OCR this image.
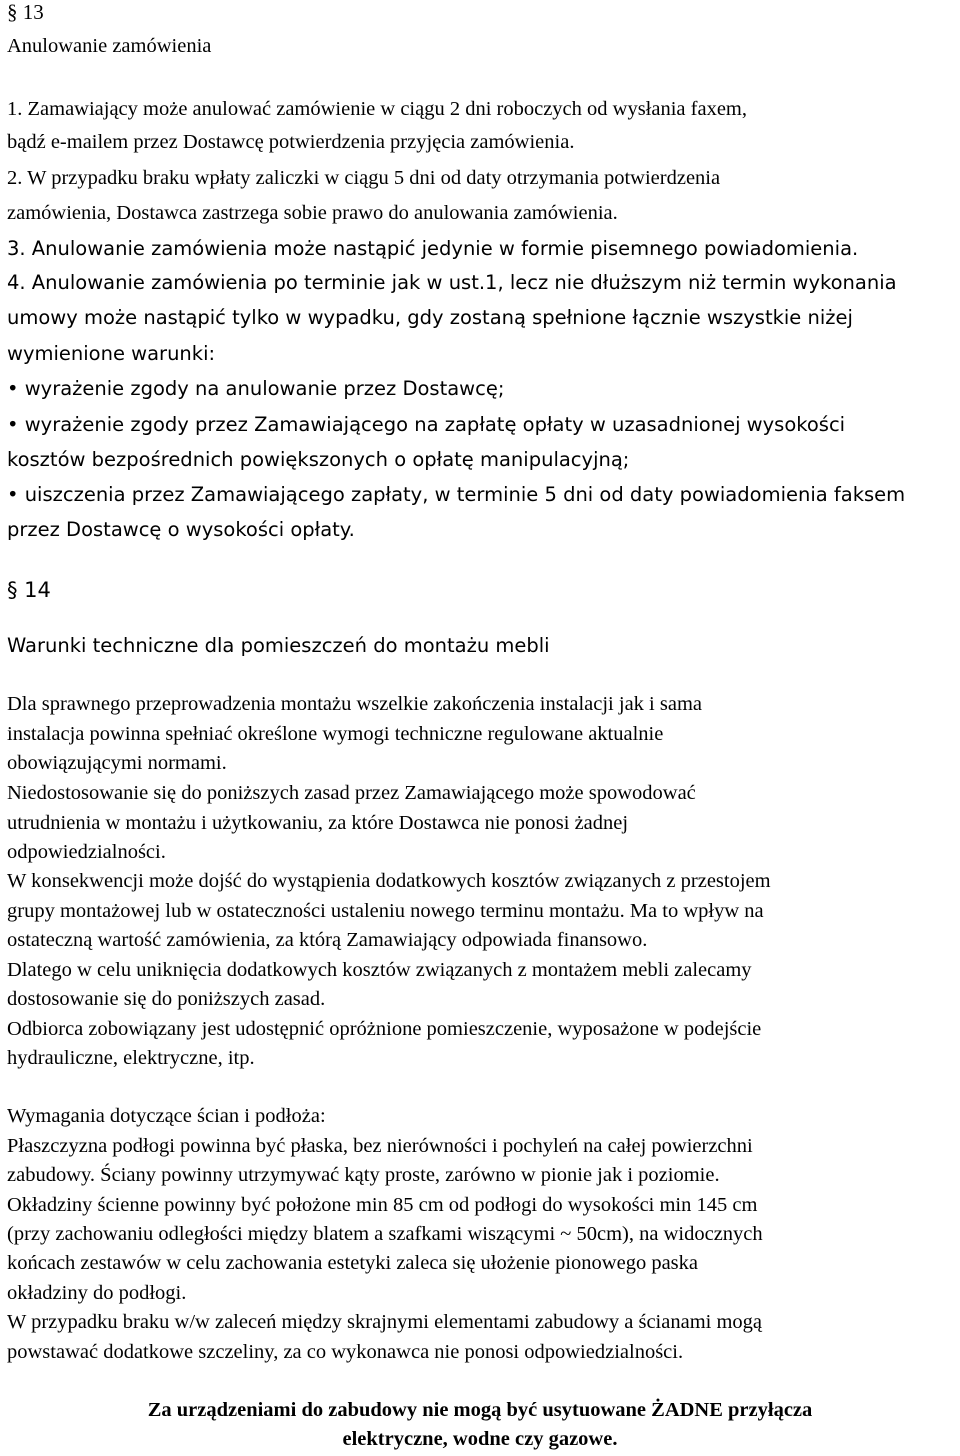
§ 13

Anulowanie zamówienia

1. Zamawiający może anulować zamówienie w ciągu 2 dni roboczych od wysłania faxem,

bądź e-mailem przez Dostawcę potwierdzenia przyjęcia zamówienia.

2. W przypadku braku wpłaty zaliczki w ciągu 5 dni od daty otrzymania potwierdzenia

zamówienia, Dostawca zastrzega sobie prawo do anulowania zamówienia.

3. Anulowanie zamówienia może nastąpić jedynie w formie pisemnego powiadomienia.

4. Anulowanie zamówienia po terminie jak w ust.1, lecz nie dłuższym niż termin wykonania

umowy może nastąpić tylko w wypadku, gdy zostaną spełnione łącznie wszystkie niżej

wymienione warunki:

• wyrażenie zgody na anulowanie przez Dostawcę;

• wyrażenie zgody przez Zamawiającego na zapłatę opłaty w uzasadnionej wysokości

kosztów bezpośrednich powiększonych o opłatę manipulacyjną;

• uiszczenia przez Zamawiającego zapłaty, w terminie 5 dni od daty powiadomienia faksem

przez Dostawcę o wysokości opłaty.

§ 14

Warunki techniczne dla pomieszczeń do montażu mebli

Dla sprawnego przeprowadzenia montażu wszelkie zakończenia instalacji jak i sama

instalacja powinna spełniać określone wymogi techniczne regulowane aktualnie

obowiązującymi normami.

Niedostosowanie się do poniższych zasad przez Zamawiającego może spowodować

utrudnienia w montażu i użytkowaniu, za które Dostawca nie ponosi żadnej

odpowiedzialności.

W konsekwencji może dojść do wystąpienia dodatkowych kosztów związanych z przestojem

grupy montażowej lub w ostateczności ustaleniu nowego terminu montażu. Ma to wpływ na

ostateczną wartość zamówienia, za którą Zamawiający odpowiada finansowo.

Dlatego w celu uniknięcia dodatkowych kosztów związanych z montażem mebli zalecamy

dostosowanie się do poniższych zasad.

Odbiorca zobowiązany jest udostępnić opróżnione pomieszczenie, wyposażone w podejście

hydrauliczne, elektryczne, itp.

Wymagania dotyczące ścian i podłoża:

Płaszczyzna podłogi powinna być płaska, bez nierówności i pochyleń na całej powierzchni

zabudowy. Ściany powinny utrzymywać kąty proste, zarówno w pionie jak i poziomie.

Okładziny ścienne powinny być położone min 85 cm od podłogi do wysokości min 145 cm

(przy zachowaniu odległości między blatem a szafkami wiszącymi ~ 50cm), na widocznych

końcach zestawów w celu zachowania estetyki zaleca się ułożenie pionowego paska

okładziny do podłogi.

W przypadku braku w/w zaleceń między skrajnymi elementami zabudowy a ścianami mogą

powstawać dodatkowe szczeliny, za co wykonawca nie ponosi odpowiedzialności.

Za urządzeniami do zabudowy nie mogą być usytuowane ŻADNE przyłącza

elektryczne, wodne czy gazowe.
